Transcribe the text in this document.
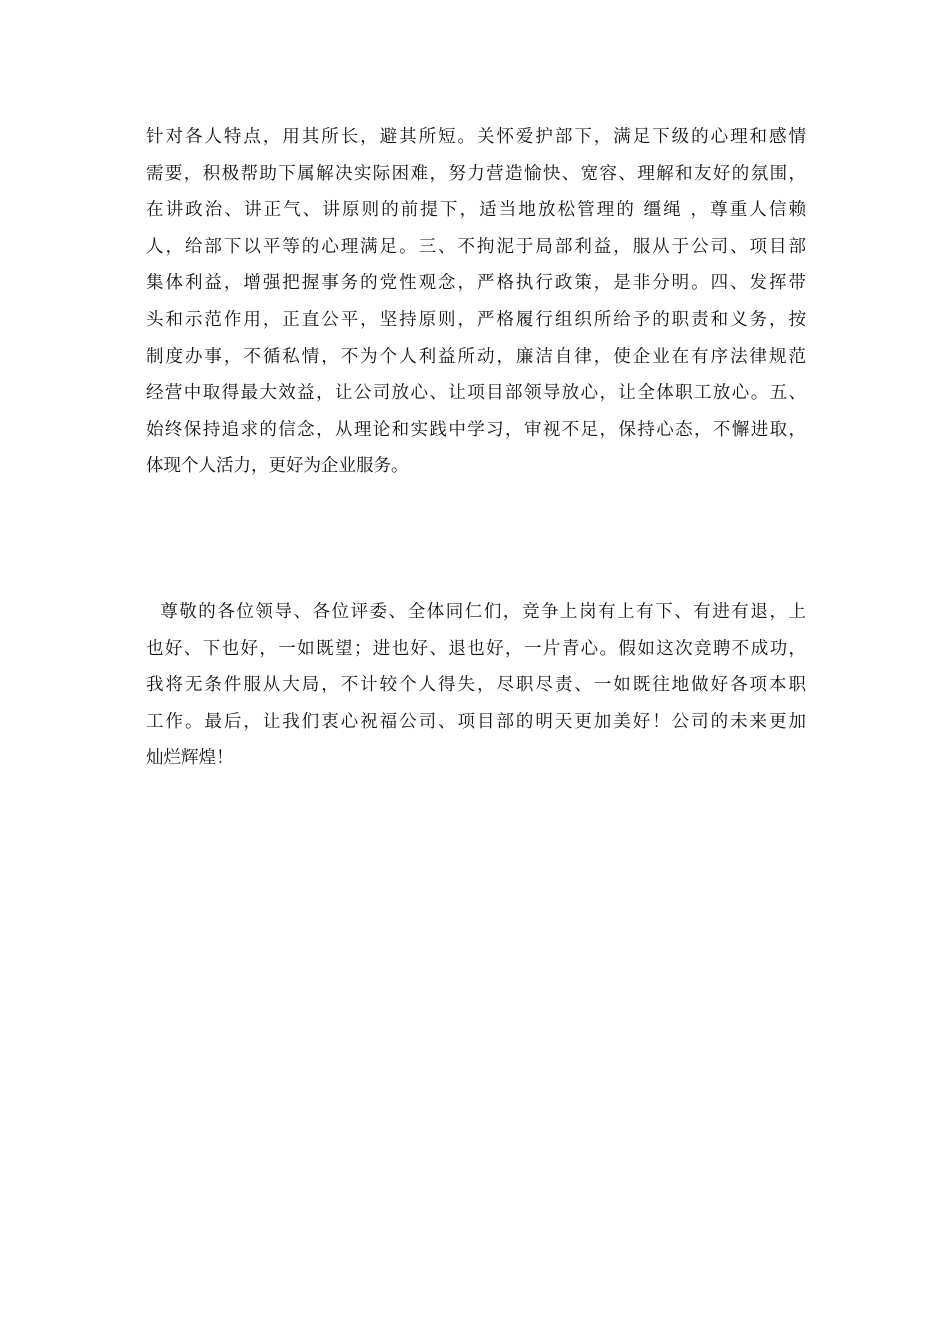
针对各人特点，用其所长，避其所短。关怀爱护部下，满足下级的心理和感情
需要，积极帮助下属解决实际困难，努力营造愉快、宽容、理解和友好的氛围，
在讲政治、讲正气、讲原则的前提下，适当地放松管理的 缰绳 ，尊重人信赖
人，给部下以平等的心理满足。三、不拘泥于局部利益，服从于公司、项目部
集体利益，增强把握事务的党性观念，严格执行政策，是非分明。四、发挥带
头和示范作用，正直公平，坚持原则，严格履行组织所给予的职责和义务，按
制度办事，不循私情，不为个人利益所动，廉洁自律，使企业在有序法律规范
经营中取得最大效益，让公司放心、让项目部领导放心，让全体职工放心。五、
始终保持追求的信念，从理论和实践中学习，审视不足，保持心态，不懈进取，
体现个人活力，更好为企业服务。
尊敬的各位领导、各位评委、全体同仁们，竞争上岗有上有下、有进有退，上
也好、下也好，一如既望；进也好、退也好，一片青心。假如这次竞聘不成功，
我将无条件服从大局，不计较个人得失，尽职尽责、一如既往地做好各项本职
工作。最后，让我们衷心祝福公司、项目部的明天更加美好！公司的未来更加
灿烂辉煌！
